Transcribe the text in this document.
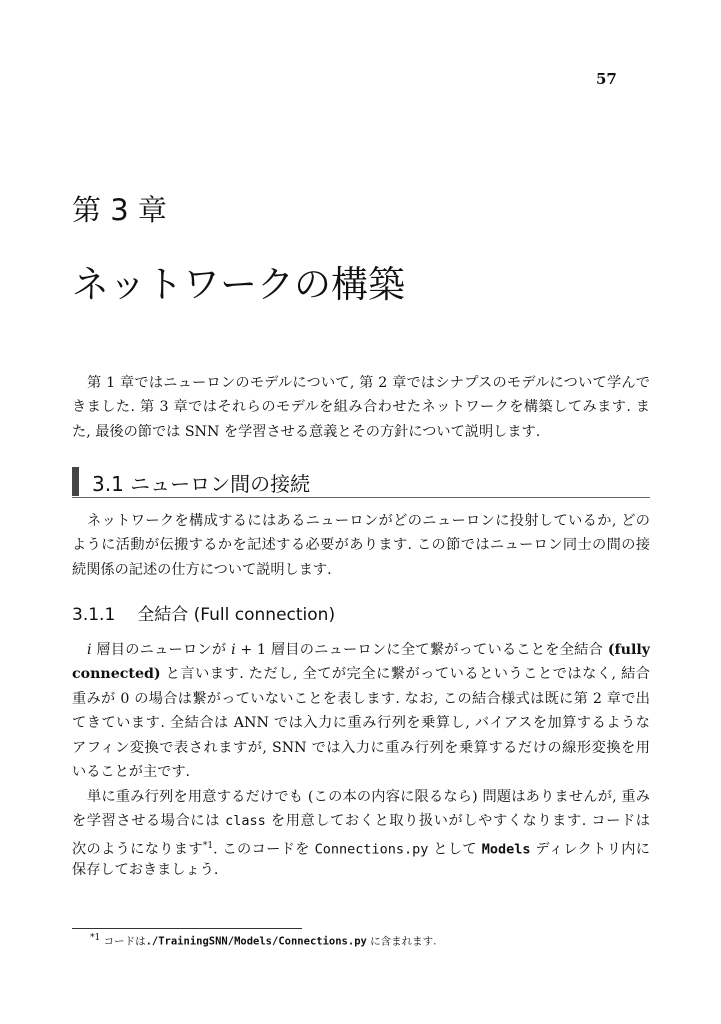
57
第 3 章
ネットワークの構築
第 1 章ではニューロンのモデルについて, 第 2 章ではシナプスのモデルについて学んで
きました. 第 3 章ではそれらのモデルを組み合わせたネットワークを構築してみます. ま
た, 最後の節では SNN を学習させる意義とその方針について説明します.
3.1 ニューロン間の接続
ネットワークを構成するにはあるニューロンがどのニューロンに投射しているか, どの
ように活動が伝搬するかを記述する必要があります. この節ではニューロン同士の間の接
続関係の記述の仕方について説明します.
3.1.1 全結合 (Full connection)
i 層目のニューロンが i + 1 層目のニューロンに全て繋がっていることを全結合 (fully
connected) と言います. ただし, 全てが完全に繋がっているということではなく, 結合
重みが 0 の場合は繋がっていないことを表します. なお, この結合様式は既に第 2 章で出
てきています. 全結合は ANN では入力に重み行列を乗算し, バイアスを加算するような
アフィン変換で表されますが, SNN では入力に重み行列を乗算するだけの線形変換を用
いることが主です.
単に重み行列を用意するだけでも (この本の内容に限るなら) 問題はありませんが, 重み
を学習させる場合には class を用意しておくと取り扱いがしやすくなります. コードは
次のようになります$^{*1}$. このコードを Connections.py として Models ディレクトリ内に
保存しておきましょう.
$^{*1}$ コードは./TrainingSNN/Models/Connections.py に含まれます.
